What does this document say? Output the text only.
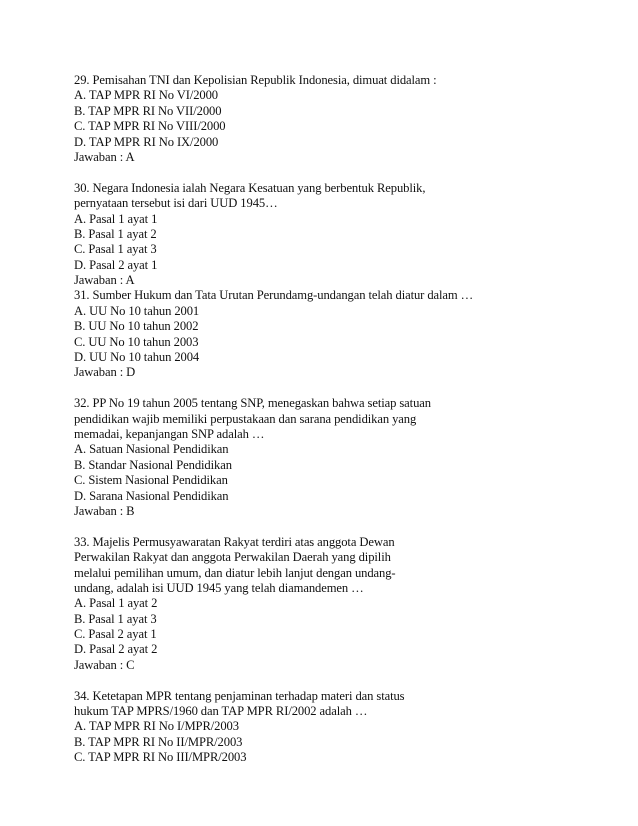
29. Pemisahan TNI dan Kepolisian Republik Indonesia, dimuat didalam :
A. TAP MPR RI No VI/2000
B. TAP MPR RI No VII/2000
C. TAP MPR RI No VIII/2000
D. TAP MPR RI No IX/2000
Jawaban : A
30. Negara Indonesia ialah Negara Kesatuan yang berbentuk Republik,
pernyataan tersebut isi dari UUD 1945…
A. Pasal 1 ayat 1
B. Pasal 1 ayat 2
C. Pasal 1 ayat 3
D. Pasal 2 ayat 1
Jawaban : A
31. Sumber Hukum dan Tata Urutan Perundamg-undangan telah diatur dalam …
A. UU No 10 tahun 2001
B. UU No 10 tahun 2002
C. UU No 10 tahun 2003
D. UU No 10 tahun 2004
Jawaban : D
32. PP No 19 tahun 2005 tentang SNP, menegaskan bahwa setiap satuan
pendidikan wajib memiliki perpustakaan dan sarana pendidikan yang
memadai, kepanjangan SNP adalah …
A. Satuan Nasional Pendidikan
B. Standar Nasional Pendidikan
C. Sistem Nasional Pendidikan
D. Sarana Nasional Pendidikan
Jawaban : B
33. Majelis Permusyawaratan Rakyat terdiri atas anggota Dewan
Perwakilan Rakyat dan anggota Perwakilan Daerah yang dipilih
melalui pemilihan umum, dan diatur lebih lanjut dengan undang-
undang, adalah isi UUD 1945 yang telah diamandemen …
A. Pasal 1 ayat 2
B. Pasal 1 ayat 3
C. Pasal 2 ayat 1
D. Pasal 2 ayat 2
Jawaban : C
34. Ketetapan MPR tentang penjaminan terhadap materi dan status
hukum TAP MPRS/1960 dan TAP MPR RI/2002 adalah …
A. TAP MPR RI No I/MPR/2003
B. TAP MPR RI No II/MPR/2003
C. TAP MPR RI No III/MPR/2003
